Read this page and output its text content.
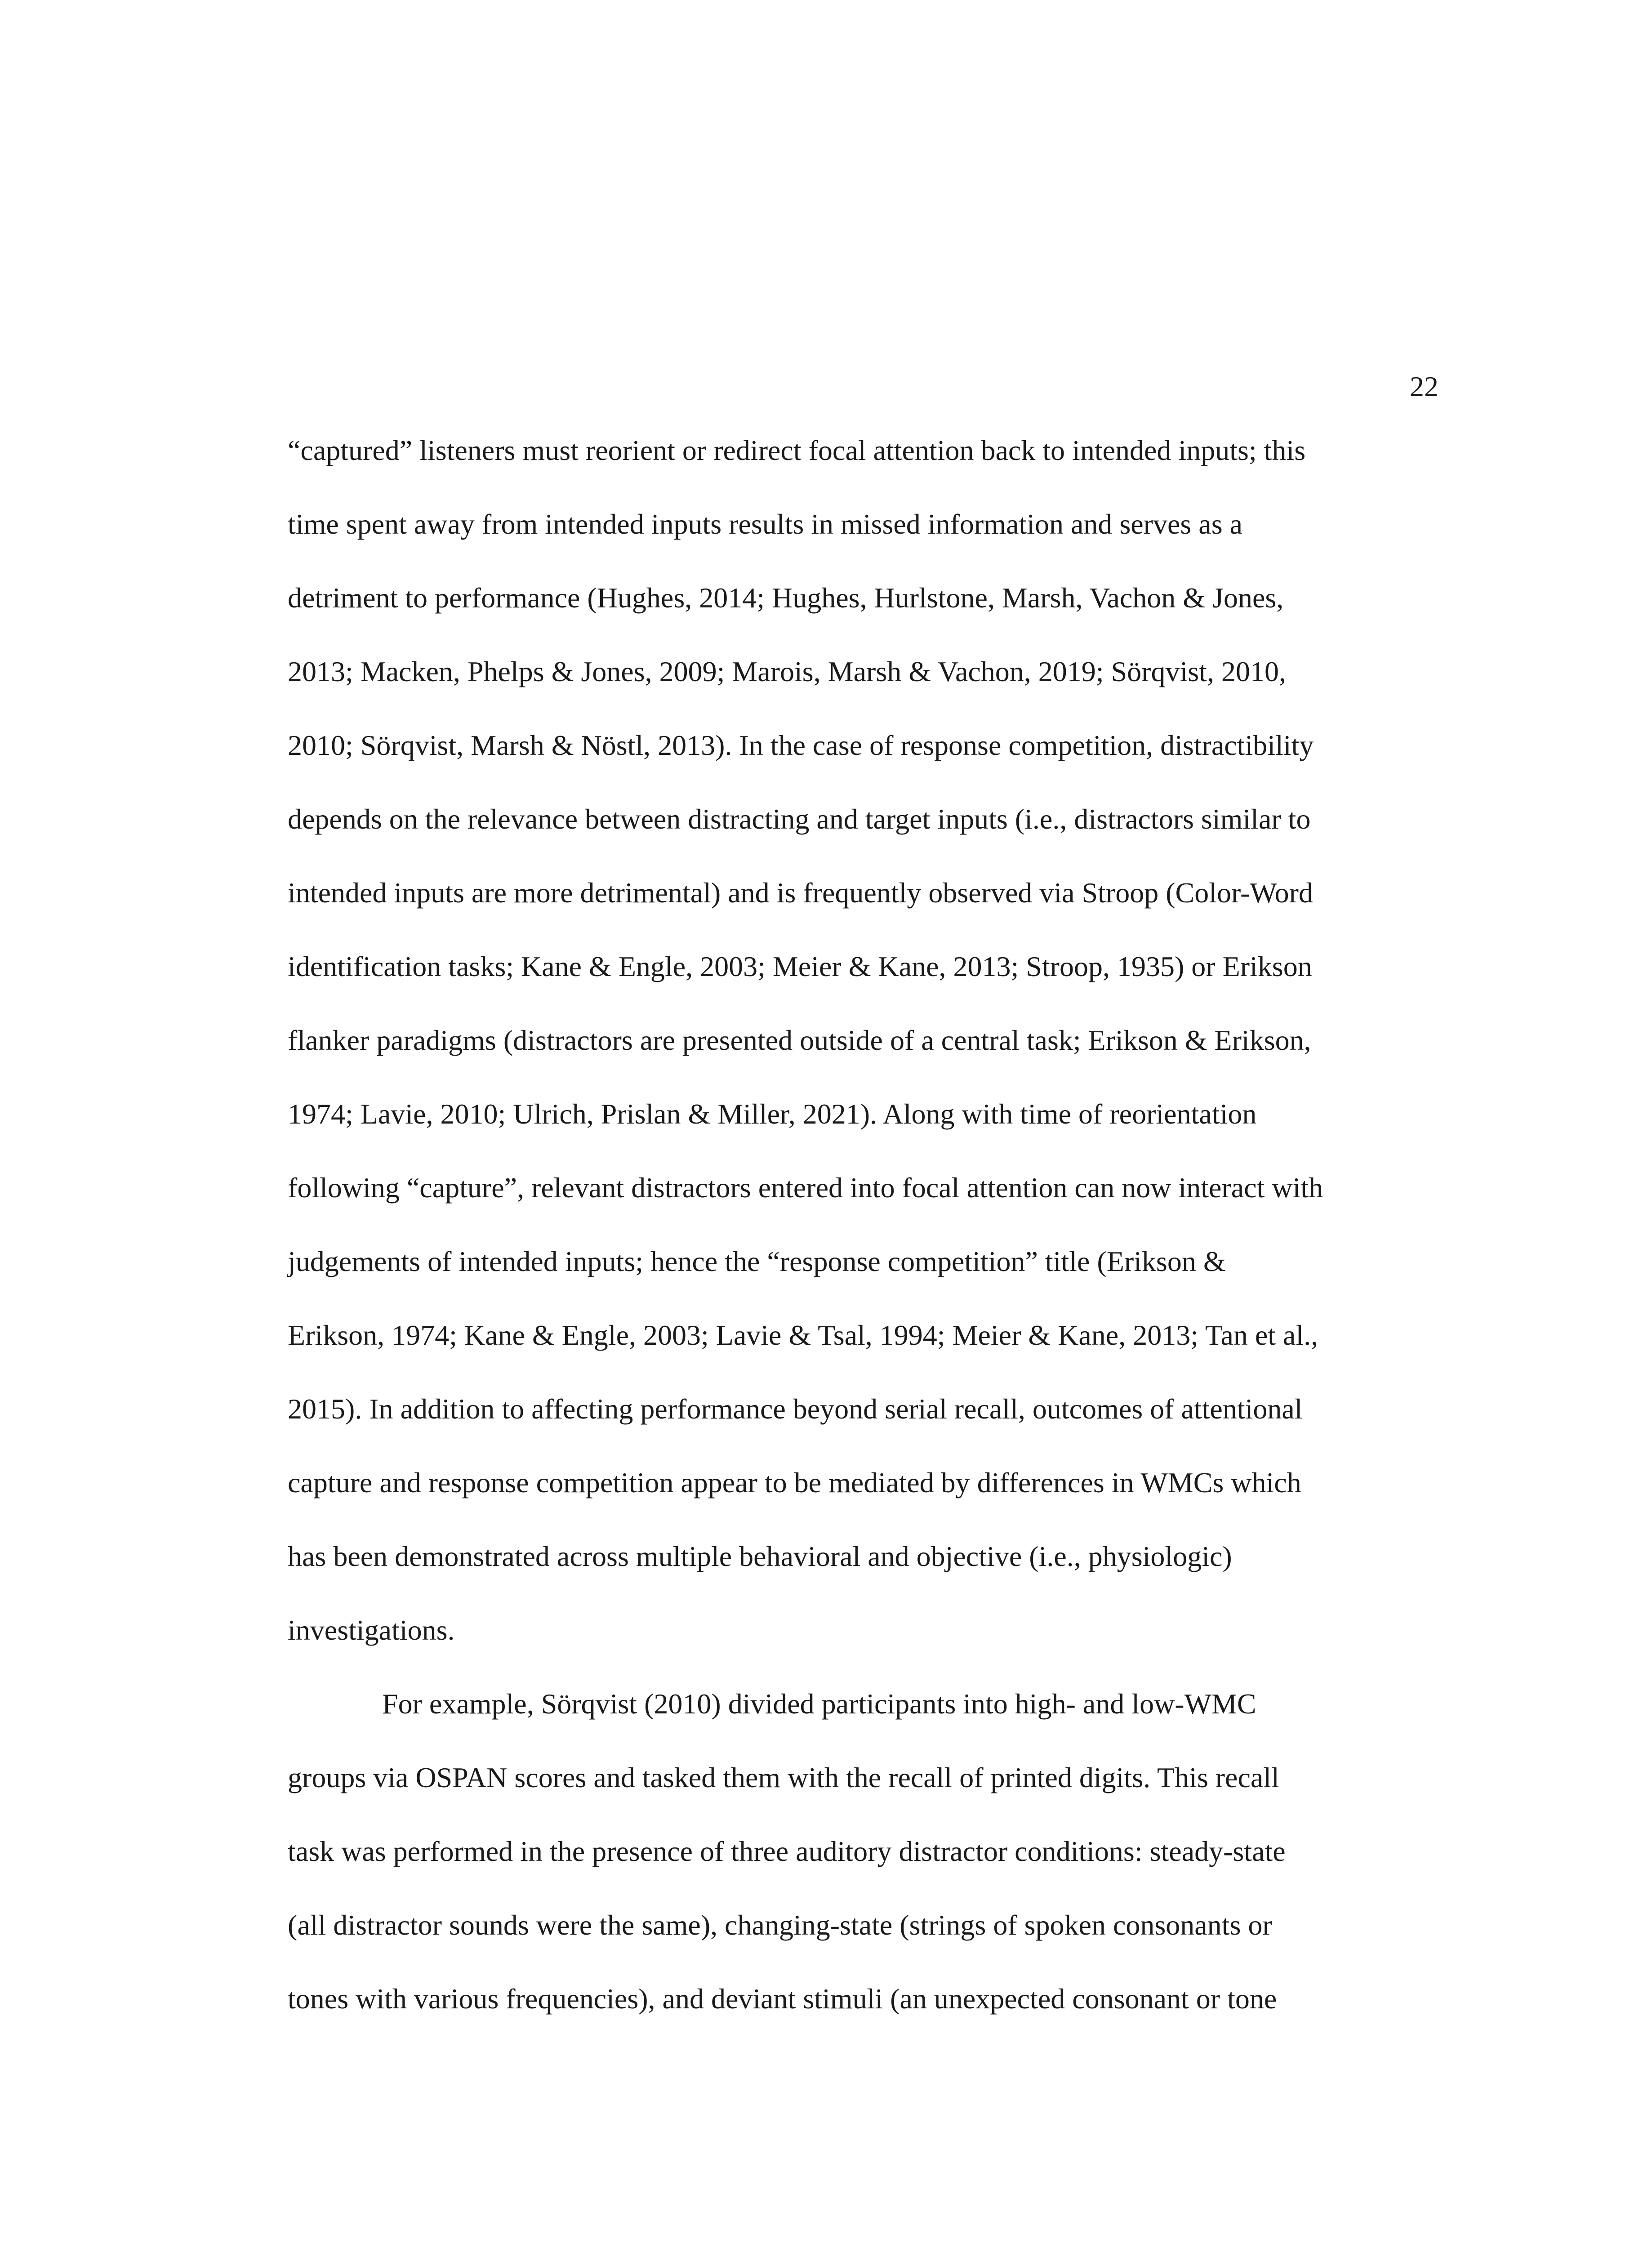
22
“captured” listeners must reorient or redirect focal attention back to intended inputs; this
time spent away from intended inputs results in missed information and serves as a
detriment to performance (Hughes, 2014; Hughes, Hurlstone, Marsh, Vachon & Jones,
2013; Macken, Phelps & Jones, 2009; Marois, Marsh & Vachon, 2019; Sörqvist, 2010,
2010; Sörqvist, Marsh & Nöstl, 2013). In the case of response competition, distractibility
depends on the relevance between distracting and target inputs (i.e., distractors similar to
intended inputs are more detrimental) and is frequently observed via Stroop (Color-Word
identification tasks; Kane & Engle, 2003; Meier & Kane, 2013; Stroop, 1935) or Erikson
flanker paradigms (distractors are presented outside of a central task; Erikson & Erikson,
1974; Lavie, 2010; Ulrich, Prislan & Miller, 2021). Along with time of reorientation
following “capture”, relevant distractors entered into focal attention can now interact with
judgements of intended inputs; hence the “response competition” title (Erikson &
Erikson, 1974; Kane & Engle, 2003; Lavie & Tsal, 1994; Meier & Kane, 2013; Tan et al.,
2015). In addition to affecting performance beyond serial recall, outcomes of attentional
capture and response competition appear to be mediated by differences in WMCs which
has been demonstrated across multiple behavioral and objective (i.e., physiologic)
investigations.
For example, Sörqvist (2010) divided participants into high- and low-WMC
groups via OSPAN scores and tasked them with the recall of printed digits. This recall
task was performed in the presence of three auditory distractor conditions: steady-state
(all distractor sounds were the same), changing-state (strings of spoken consonants or
tones with various frequencies), and deviant stimuli (an unexpected consonant or tone
